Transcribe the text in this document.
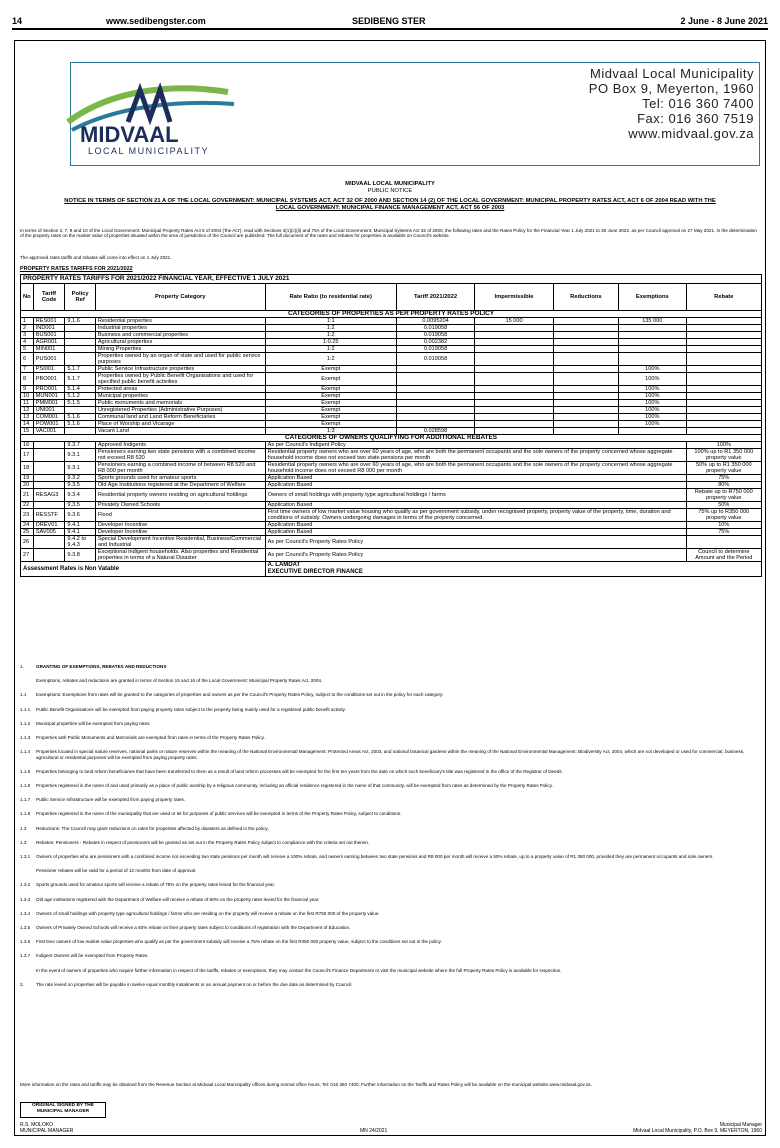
14	www.sedibengster.com	SEDIBENG STER	2 June - 8 June 2021
MIDVAAL
LOCAL MUNICIPALITY
Midvaal Local Municipality
PO Box 9, Meyerton, 1960
Tel: 016 360 7400
Fax: 016 360 7519
www.midvaal.gov.za
MIDVAAL LOCAL MUNICIPALITY
PUBLIC NOTICE
NOTICE IN TERMS OF SECTION 21 A OF THE LOCAL GOVERNMENT: MUNICIPAL SYSTEMS ACT, ACT 32 OF 2000 AND SECTION 14 (2) OF THE LOCAL GOVERNMENT: MUNICIPAL PROPERTY RATES ACT, ACT 6 OF 2004 READ WITH THE LOCAL GOVERNMENT: MUNICIPAL FINANCE MANAGEMENT ACT, ACT 56 OF 2003
In terms of Section 2, 7, 9 and 10 of the Local Government: Municipal Property Rates Act 6 of 2004 ('the Act'), read with Sections 4(1)(c)(ii) and 75A of the Local Government: Municipal Systems Act 32 of 2000, the following rates and the Rates Policy for the Financial Year 1 July 2021 to 30 June 2022, as per Council approval on 27 May 2021, in the determination of the property rates on the market value of properties situated within the area of jurisdiction of the Council are published. The full document of the rates and rebates for properties is available on Council's website.
The approved rates tariffs and rebates will come into effect on 1 July 2021.
PROPERTY RATES TARIFFS FOR 2021/2022
PROPERTY RATES TARIFFS FOR 2021/2022 FINANCIAL YEAR, EFFECTIVE 1 JULY 2021									
No	Tariff Code	Policy Ref	Property Category	Rate Ratio (to residential rate)	Tariff 2021/2022	Impermissible	Reductions	Exemptions	Rebate
CATEGORIES OF PROPERTIES AS PER PROPERTY RATES POLICY									
1	RES001	9.1.6	Residential properties	1:1	0.0095204	15 000		135 000	
2	IND001		Industrial properties	1:2	0.019058				
3	BUS001		Business and commercial properties	1:2	0.019058				
4	AGR001		Agricultural properties	1:0.25	0.002382				
5	MIN001		Mining Properties	1:2	0.019058				
6	PUS001		Properties owned by an organ of state and used for public service purposes	1:2	0.019058				
7	PSI001	5.1.7	Public Service Infrastructure properties	Exempt				100%	
8	PBO001	5.1.7	Properties owned by Public Benefit Organisations and used for specified public benefit activities	Exempt				100%	
9	PRO001	5.1.4	Protected areas	Exempt				100%	
10	MUN001	5.1.2	Municipal properties	Exempt				100%	
11	PMM001	5.1.5	Public monuments and memorials	Exempt				100%	
12	UNI001		Unregistered Properties (Administrative Purposes)	Exempt				100%	
13	COM001	5.1.6	Communal land and Land Reform Beneficiaries	Exempt				100%	
14	POW001	5.1.6	Place of Worship and Vicarage	Exempt				100%	
15	VAC001		Vacant Land	1:3	0.028598				
CATEGORIES OF OWNERS QUALIFYING FOR ADDITIONAL REBATES									
16		9.3.7	Approved Indigents	As per Council's Indigent Policy					100%
17		9.3.1	Pensioners earning two state pensions with a combined income not exceed R8 520	Residential property owners who are over 60 years of age, who are both the permanent occupants and the sole owners of the property concerned whose aggregate household income does not exceed two state pensions per month					100% up to R1 350 000 property value
18		9.3.1	Pensioners earning a combined income of between R8 520 and R8 000 per month	Residential property owners who are over 60 years of age, who are both the permanent occupants and the sole owners of the property concerned whose aggregate household income does not exceed R8 000 per month					50% up to R1 350 000 property value
19		9.3.2	Sports grounds used for amateur sports	Application Based					75%
20		9.3.5	Old Age Institutions registered at the Department of Welfare	Application Based					80%
21	RESAG3	9.3.4	Residential property owners residing on agricultural holdings	Owners of small holdings with property type agricultural holdings / farms					Rebate up to R750 000 property value
22		9.3.5	Privately Owned Schools	Application Based					50%
23	RESSTF	9.3.6	Flood	First time owners of low market value housing who qualify as per government subsidy, under recognised property, property value of the property, time, duration and conditions of subsidy. Owners undergoing damages in terms of the property concerned.					75% up to R350 000 property value
24	DREV01	9.4.1	Developer Incentive	Application Based					10%
25	SAV005	9.4.1	Developer Incentive	Application Based					75%
26		9.4.2 to 9.4.3	Special Development Incentive Residential, Business/Commercial and Industrial	As per Council's Property Rates Policy					
27		9.3.8	Exceptional indigent households. Also properties and Residential properties in terms of a Natural Disaster	As per Council's Property Rates Policy					Council to determine Amount and the Period
Assessment Rates is Non Vatable				A. LAMDAT
EXECUTIVE DIRECTOR FINANCE					
1.	GRANTING OF EXEMPTIONS, REBATES AND REDUCTIONS
Exemptions, rebates and reductions are granted in terms of Section 15 and 16 of the Local Government: Municipal Property Rates Act, 2004.
1.1 Exemptions: Exemptions from rates will be granted to the categories of properties and owners as per the Council's Property Rates Policy, subject to the conditions set out in the policy for each category.
1.1.1 Public Benefit Organisations will be exempted from paying property rates subject to the property being mainly used for a registered public benefit activity.
1.1.2 Municipal properties will be exempted from paying rates.
1.1.3 Properties with Public Monuments and Memorials are exempted from rates in terms of the Property Rates Policy.
1.1.4 Properties located in special nature reserves, national parks or nature reserves within the meaning of the National Environmental Management: Protected Areas Act, 2003, and national botanical gardens within the meaning of the National Environmental Management: Biodiversity Act, 2004, which are not developed or used for commercial, business, agricultural or residential purposes will be exempted from paying property rates.
1.1.5 Properties belonging to land reform beneficiaries that have been transferred to them as a result of land reform processes will be exempted for the first ten years from the date on which such beneficiary's title was registered in the office of the Registrar of Deeds.
1.1.6 Properties registered in the name of and used primarily as a place of public worship by a religious community, including an official residence registered in the name of that community, will be exempted from rates as determined by the Property Rates Policy.
1.1.7 Public Service Infrastructure will be exempted from paying property rates.
1.1.8 Properties registered in the name of the municipality that are used or let for purposes of public services will be exempted in terms of the Property Rates Policy, subject to conditions.
1.2 Reductions: The Council may grant reductions on rates for properties affected by disasters as defined in the policy.
1.3 Rebates: Pensioners - Rebates in respect of pensioners will be granted as set out in the Property Rates Policy subject to compliance with the criteria set out therein.
1.3.1 Owners of properties who are pensioners with a combined income not exceeding two state pensions per month will receive a 100% rebate, and owners earning between two state pensions and R8 000 per month will receive a 50% rebate, up to a property value of R1 350 000, provided they are permanent occupants and sole owners.
Pensioner rebates will be valid for a period of 12 months from date of approval.
1.3.2 Sports grounds used for amateur sports will receive a rebate of 75% on the property rates levied for the financial year.
1.3.3 Old age institutions registered with the Department of Welfare will receive a rebate of 80% on the property rates levied for the financial year.
1.3.4 Owners of small holdings with property type agricultural holdings / farms who are residing on the property will receive a rebate on the first R750 000 of the property value.
1.3.5 Owners of Privately Owned Schools will receive a 50% rebate on their property rates subject to conditions of registration with the Department of Education.
1.3.6 First time owners of low market value properties who qualify as per the government subsidy will receive a 75% rebate on the first R350 000 property value, subject to the conditions set out in the policy.
1.3.7 Indigent Owners will be exempted from Property Rates.
In the event of owners of properties who require further information in respect of the tariffs, rebates or exemptions, they may contact the Council's Finance Department or visit the municipal website where the full Property Rates Policy is available for inspection.
2.	The rate levied on properties will be payable in twelve equal monthly instalments or an annual payment on or before the due date as determined by Council.
More information on the rates and tariffs may be obtained from the Revenue Section at Midvaal Local Municipality offices during normal office hours, Tel: 016 360 7400. Further information on the Tariffs and Rates Policy will be available on the municipal website www.midvaal.gov.za.
ORIGINAL SIGNED BY THE MUNICIPAL MANAGER
R.S. MOLOKO
MUNICIPAL MANAGER	MN 24/2021
Municipal Manager
Midvaal Local Municipality, P.O. Box 9, MEYERTON, 1960
